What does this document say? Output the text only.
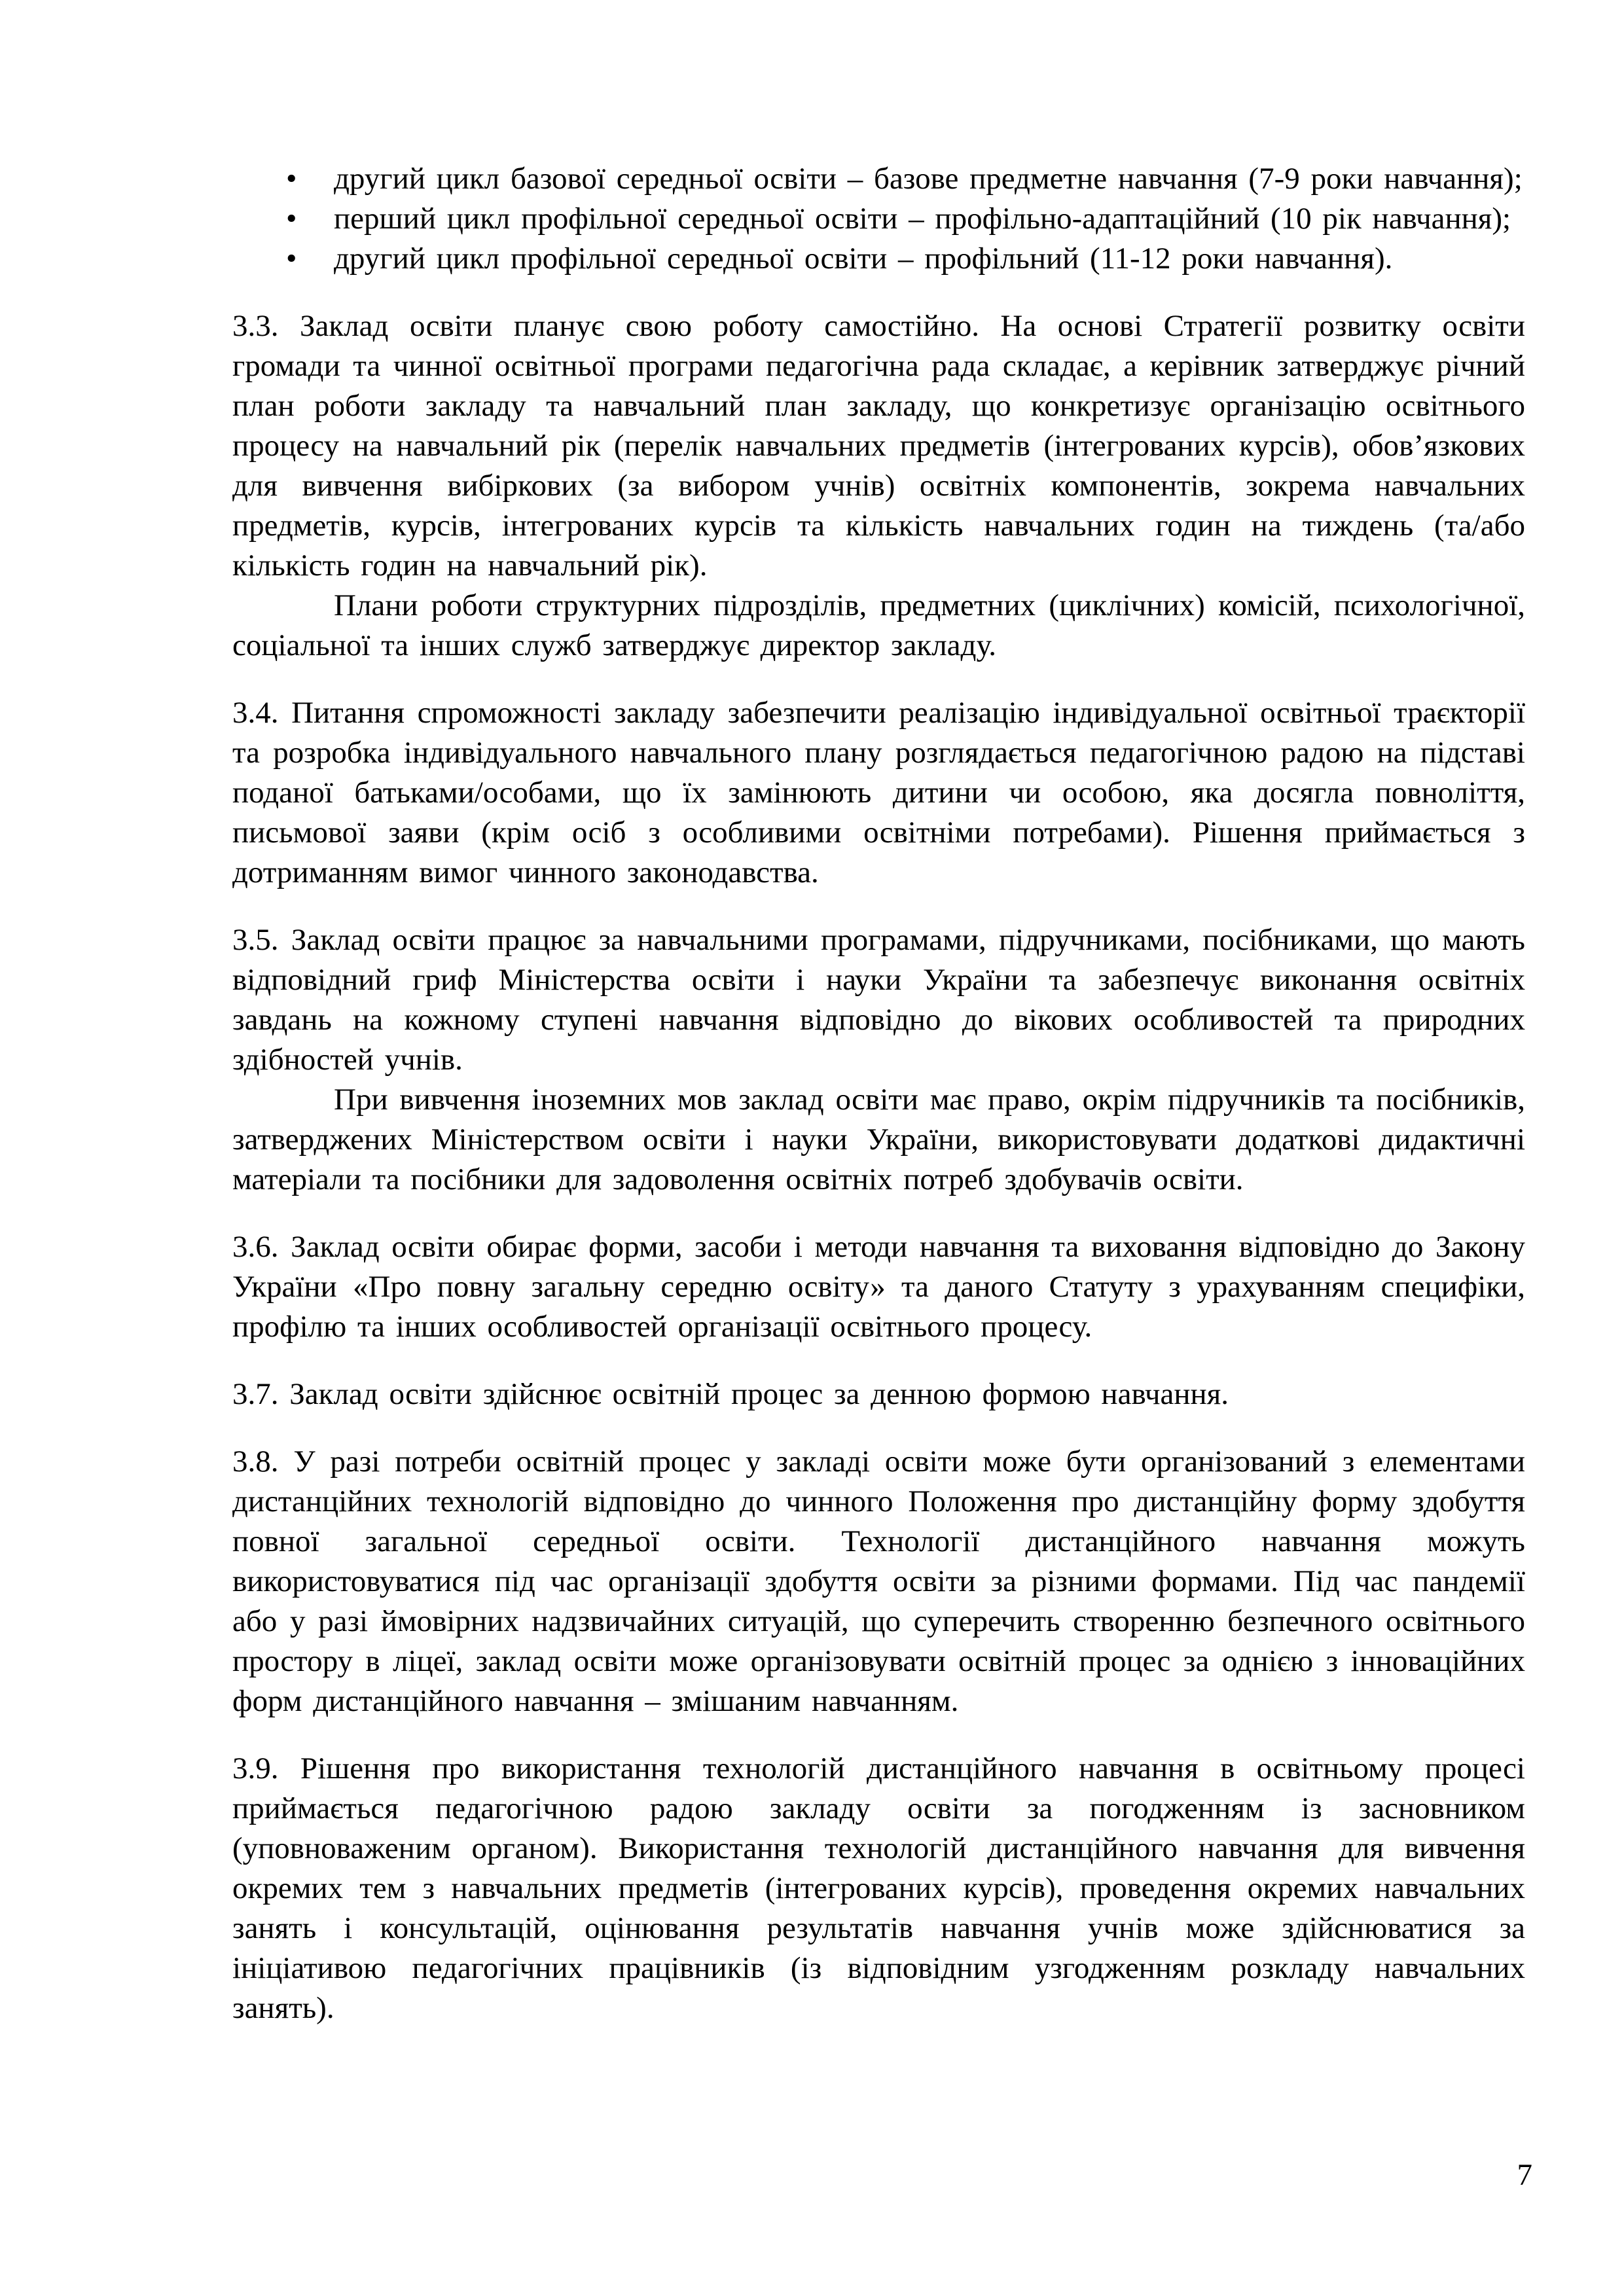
• другий цикл базової середньої освіти – базове предметне навчання (7-9 роки навчання);
• перший цикл профільної середньої освіти – профільно-адаптаційний (10 рік навчання);
• другий цикл профільної середньої освіти – профільний (11-12 роки навчання).

3.3. Заклад освіти планує свою роботу самостійно. На основі Стратегії розвитку освіти громади та чинної освітньої програми педагогічна рада складає, а керівник затверджує річний план роботи закладу та навчальний план закладу, що конкретизує організацію освітнього процесу на навчальний рік (перелік навчальних предметів (інтегрованих курсів), обов’язкових для вивчення вибіркових (за вибором учнів) освітніх компонентів, зокрема навчальних предметів, курсів, інтегрованих курсів та кількість навчальних годин на тиждень (та/або кількість годин на навчальний рік).

Плани роботи структурних підрозділів, предметних (циклічних) комісій, психологічної, соціальної та інших служб затверджує директор закладу.

3.4. Питання спроможності закладу забезпечити реалізацію індивідуальної освітньої траєкторії та розробка індивідуального навчального плану розглядається педагогічною радою на підставі поданої батьками/особами, що їх замінюють дитини чи особою, яка досягла повноліття, письмової заяви (крім осіб з особливими освітніми потребами). Рішення приймається з дотриманням вимог чинного законодавства.

3.5. Заклад освіти працює за навчальними програмами, підручниками, посібниками, що мають відповідний гриф Міністерства освіти і науки України та забезпечує виконання освітніх завдань на кожному ступені навчання відповідно до вікових особливостей та природних здібностей учнів.

При вивчення іноземних мов заклад освіти має право, окрім підручників та посібників, затверджених Міністерством освіти і науки України, використовувати додаткові дидактичні матеріали та посібники для задоволення освітніх потреб здобувачів освіти.

3.6. Заклад освіти обирає форми, засоби і методи навчання та виховання відповідно до Закону України «Про повну загальну середню освіту» та даного Статуту з урахуванням специфіки, профілю та інших особливостей організації освітнього процесу.

3.7. Заклад освіти здійснює освітній процес за денною формою навчання.

3.8. У разі потреби освітній процес у закладі освіти може бути організований з елементами дистанційних технологій відповідно до чинного Положення про дистанційну форму здобуття повної загальної середньої освіти. Технології дистанційного навчання можуть використовуватися під час організації здобуття освіти за різними формами. Під час пандемії або у разі ймовірних надзвичайних ситуацій, що суперечить створенню безпечного освітнього простору в ліцеї, заклад освіти може організовувати освітній процес за однією з інноваційних форм дистанційного навчання – змішаним навчанням.

3.9. Рішення про використання технологій дистанційного навчання в освітньому процесі приймається педагогічною радою закладу освіти за погодженням із засновником (уповноваженим органом). Використання технологій дистанційного навчання для вивчення окремих тем з навчальних предметів (інтегрованих курсів), проведення окремих навчальних занять і консультацій, оцінювання результатів навчання учнів може здійснюватися за ініціативою педагогічних працівників (із відповідним узгодженням розкладу навчальних занять).

7
